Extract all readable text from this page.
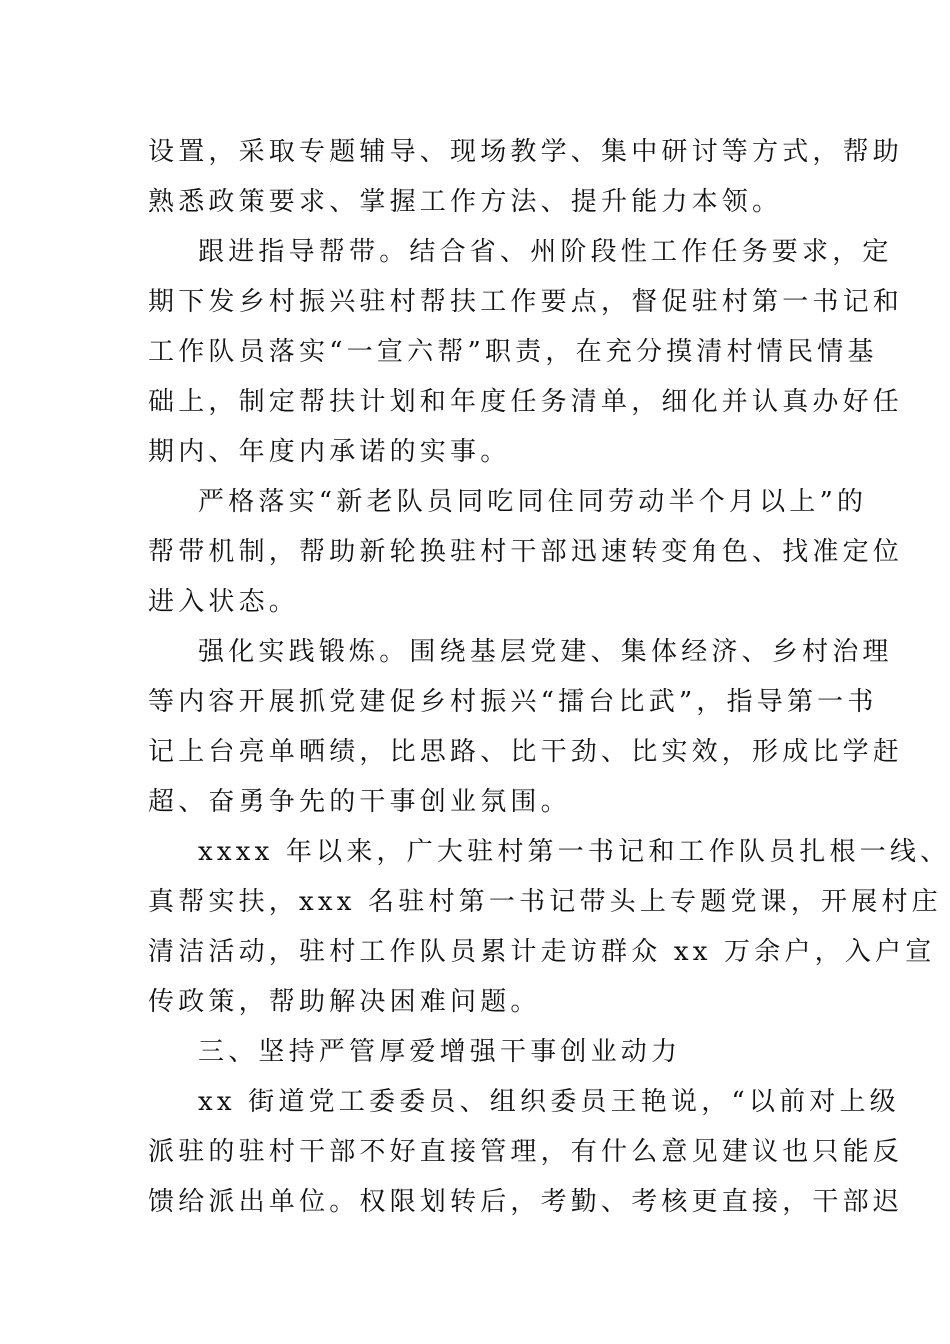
设置，采取专题辅导、现场教学、集中研讨等方式，帮助

熟悉政策要求、掌握工作方法、提升能力本领。

跟进指导帮带。结合省、州阶段性工作任务要求，定

期下发乡村振兴驻村帮扶工作要点，督促驻村第一书记和

工作队员落实“一宣六帮”职责，在充分摸清村情民情基

础上，制定帮扶计划和年度任务清单，细化并认真办好任

期内、年度内承诺的实事。

严格落实“新老队员同吃同住同劳动半个月以上”的

帮带机制，帮助新轮换驻村干部迅速转变角色、找准定位

进入状态。

强化实践锻炼。围绕基层党建、集体经济、乡村治理

等内容开展抓党建促乡村振兴“擂台比武”，指导第一书

记上台亮单晒绩，比思路、比干劲、比实效，形成比学赶

超、奋勇争先的干事创业氛围。

xxxx 年以来，广大驻村第一书记和工作队员扎根一线、

真帮实扶，xxx 名驻村第一书记带头上专题党课，开展村庄

清洁活动，驻村工作队员累计走访群众 xx 万余户，入户宣

传政策，帮助解决困难问题。

三、坚持严管厚爱增强干事创业动力

xx 街道党工委委员、组织委员王艳说，“以前对上级

派驻的驻村干部不好直接管理，有什么意见建议也只能反

馈给派出单位。权限划转后，考勤、考核更直接，干部迟
